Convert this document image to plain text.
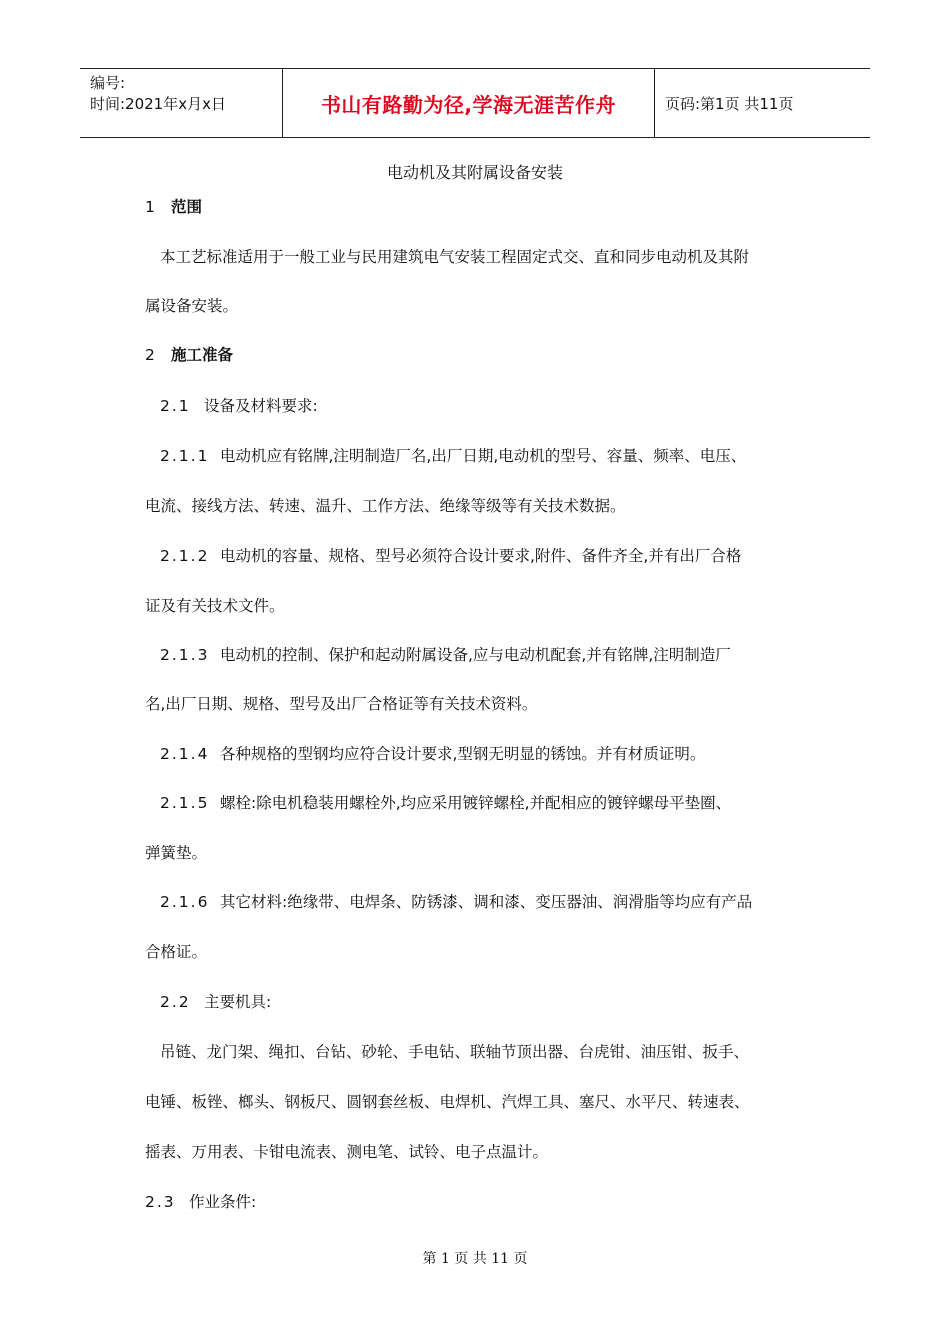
编号:
时间:2021年x月x日	书山有路勤为径,学海无涯苦作舟	页码:第1页 共11页
电动机及其附属设备安装
1 范围
本工艺标准适用于一般工业与民用建筑电气安装工程固定式交、直和同步电动机及其附
属设备安装。
2 施工准备
2.1 设备及材料要求:
2.1.1 电动机应有铭牌,注明制造厂名,出厂日期,电动机的型号、容量、频率、电压、
电流、接线方法、转速、温升、工作方法、绝缘等级等有关技术数据。
2.1.2 电动机的容量、规格、型号必须符合设计要求,附件、备件齐全,并有出厂合格
证及有关技术文件。
2.1.3 电动机的控制、保护和起动附属设备,应与电动机配套,并有铭牌,注明制造厂
名,出厂日期、规格、型号及出厂合格证等有关技术资料。
2.1.4 各种规格的型钢均应符合设计要求,型钢无明显的锈蚀。并有材质证明。
2.1.5 螺栓:除电机稳装用螺栓外,均应采用镀锌螺栓,并配相应的镀锌螺母平垫圈、
弹簧垫。
2.1.6 其它材料:绝缘带、电焊条、防锈漆、调和漆、变压器油、润滑脂等均应有产品
合格证。
2.2 主要机具:
吊链、龙门架、绳扣、台钻、砂轮、手电钻、联轴节顶出器、台虎钳、油压钳、扳手、
电锤、板锉、榔头、钢板尺、圆钢套丝板、电焊机、汽焊工具、塞尺、水平尺、转速表、
摇表、万用表、卡钳电流表、测电笔、试铃、电子点温计。
2.3 作业条件:
第 1 页 共 11 页
